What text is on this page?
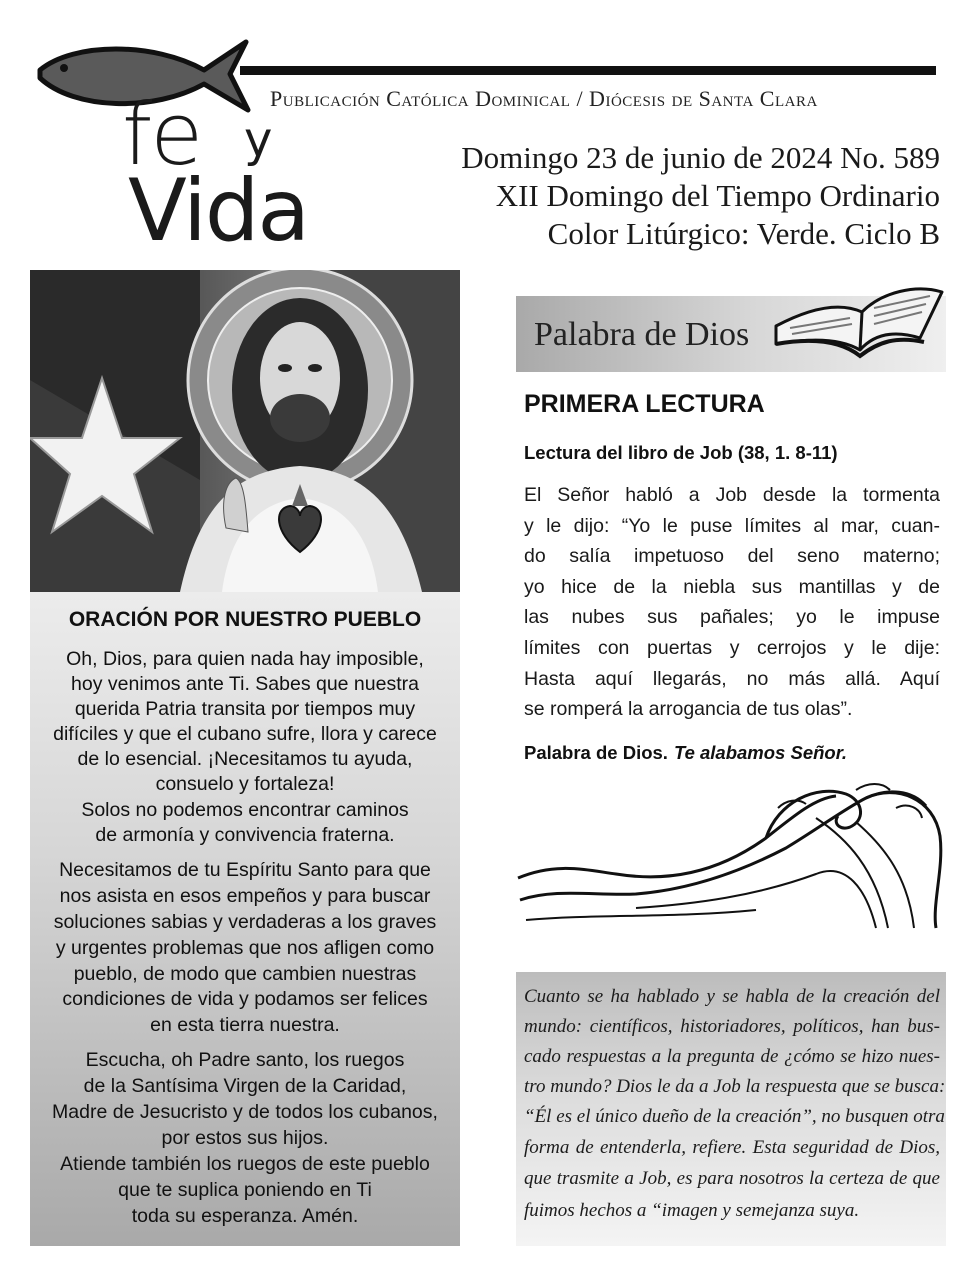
Publicación Católica Dominical / Diócesis de Santa Clara
fe y
Vida
Domingo 23 de junio de 2024 No. 589
XII Domingo del Tiempo Ordinario
Color Litúrgico: Verde. Ciclo B
ORACIÓN POR NUESTRO PUEBLO
Oh, Dios, para quien nada hay imposible,
hoy venimos ante Ti. Sabes que nuestra
querida Patria transita por tiempos muy
difíciles y que el cubano sufre, llora y carece
de lo esencial. ¡Necesitamos tu ayuda,
consuelo y fortaleza!
Solos no podemos encontrar caminos
de armonía y convivencia fraterna.
Necesitamos de tu Espíritu Santo para que
nos asista en esos empeños y para buscar
soluciones sabias y verdaderas a los graves
y urgentes problemas que nos afligen como
pueblo, de modo que cambien nuestras
condiciones de vida y podamos ser felices
en esta tierra nuestra.
Escucha, oh Padre santo, los ruegos
de la Santísima Virgen de la Caridad,
Madre de Jesucristo y de todos los cubanos,
por estos sus hijos.
Atiende también los ruegos de este pueblo
que te suplica poniendo en Ti
toda su esperanza. Amén.
Palabra de Dios
PRIMERA LECTURA
Lectura del libro de Job (38, 1. 8-11)
El Señor habló a Job desde la tormenta
y le dijo: “Yo le puse límites al mar, cuan-
do salía impetuoso del seno materno;
yo hice de la niebla sus mantillas y de
las nubes sus pañales; yo le impuse
límites con puertas y cerrojos y le dije:
Hasta aquí llegarás, no más allá. Aquí
se romperá la arrogancia de tus olas”.
Palabra de Dios. Te alabamos Señor.
Cuanto se ha hablado y se habla de la creación del
mundo: científicos, historiadores, políticos, han bus-
cado respuestas a la pregunta de ¿cómo se hizo nues-
tro mundo? Dios le da a Job la respuesta que se busca:
“Él es el único dueño de la creación”, no busquen otra
forma de entenderla, refiere. Esta seguridad de Dios,
que trasmite a Job, es para nosotros la certeza de que
fuimos hechos a “imagen y semejanza suya.
